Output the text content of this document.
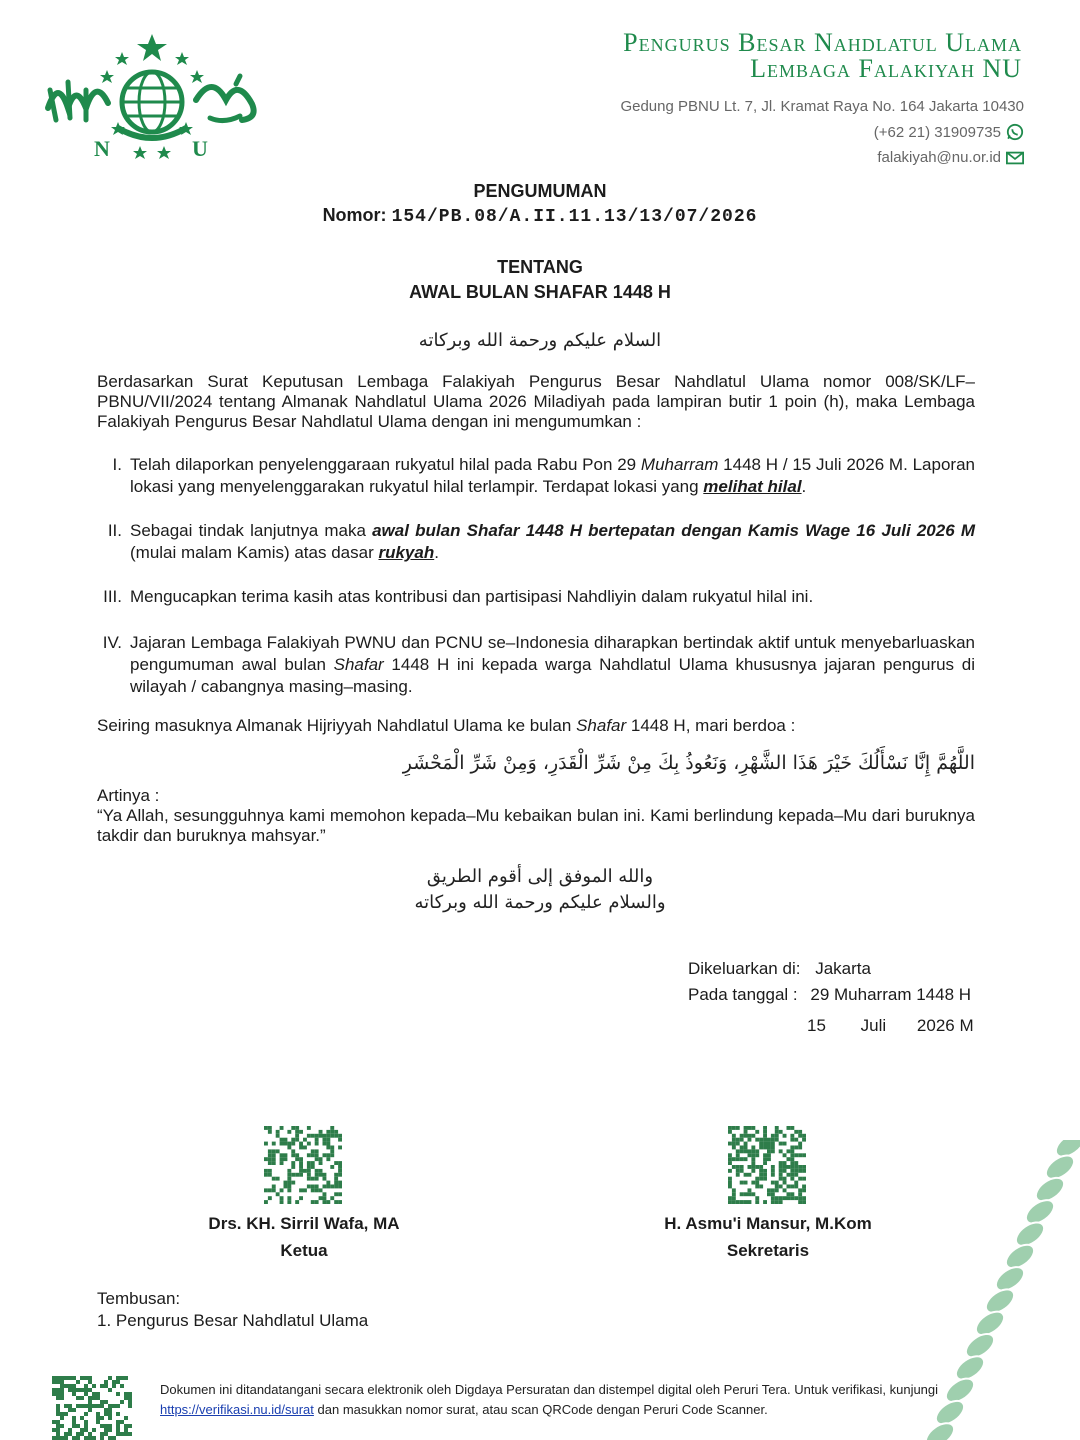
N	U
Pengurus Besar Nahdlatul Ulama
Lembaga Falakiyah NU
Gedung PBNU Lt. 7, Jl. Kramat Raya No. 164 Jakarta 10430
(+62 21) 31909735
falakiyah@nu.or.id
PENGUMUMAN
Nomor: 154/PB.08/A.II.11.13/13/07/2026
TENTANG
AWAL BULAN SHAFAR 1448 H
السلام عليكم ورحمة الله وبركاته
Berdasarkan Surat Keputusan Lembaga Falakiyah Pengurus Besar Nahdlatul Ulama nomor 008/SK/LF–PBNU/VII/2024 tentang Almanak Nahdlatul Ulama 2026 Miladiyah pada lampiran butir 1 poin (h), maka Lembaga Falakiyah Pengurus Besar Nahdlatul Ulama dengan ini mengumumkan :
I. Telah dilaporkan penyelenggaraan rukyatul hilal pada Rabu Pon 29 Muharram 1448 H / 15 Juli 2026 M. Laporan lokasi yang menyelenggarakan rukyatul hilal terlampir. Terdapat lokasi yang melihat hilal.
II. Sebagai tindak lanjutnya maka awal bulan Shafar 1448 H bertepatan dengan Kamis Wage 16 Juli 2026 M (mulai malam Kamis) atas dasar rukyah.
III. Mengucapkan terima kasih atas kontribusi dan partisipasi Nahdliyin dalam rukyatul hilal ini.
IV. Jajaran Lembaga Falakiyah PWNU dan PCNU se–Indonesia diharapkan bertindak aktif untuk menyebarluaskan pengumuman awal bulan Shafar 1448 H ini kepada warga Nahdlatul Ulama khususnya jajaran pengurus di wilayah / cabangnya masing–masing.
Seiring masuknya Almanak Hijriyyah Nahdlatul Ulama ke bulan Shafar 1448 H, mari berdoa :
اللَّهُمَّ إِنَّا نَسْأَلُكَ خَيْرَ هَذَا الشَّهْرِ، وَنَعُوذُ بِكَ مِنْ شَرِّ الْقَدَرِ، وَمِنْ شَرِّ الْمَحْشَرِ
Artinya :
“Ya Allah, sesungguhnya kami memohon kepada–Mu kebaikan bulan ini. Kami berlindung kepada–Mu dari buruknya takdir dan buruknya mahsyar.”
والله الموفق إلى أقوم الطريق
والسلام عليكم ورحمة الله وبركاته
Dikeluarkan di: Jakarta
Pada tanggal : 29 Muharram 1448 H
15 Juli 2026 M
Drs. KH. Sirril Wafa, MA
Ketua
H. Asmu'i Mansur, M.Kom
Sekretaris
Tembusan:
1. Pengurus Besar Nahdlatul Ulama
Dokumen ini ditandatangani secara elektronik oleh Digdaya Persuratan dan distempel digital oleh Peruri Tera. Untuk verifikasi, kunjungi https://verifikasi.nu.id/surat dan masukkan nomor surat, atau scan QRCode dengan Peruri Code Scanner.
